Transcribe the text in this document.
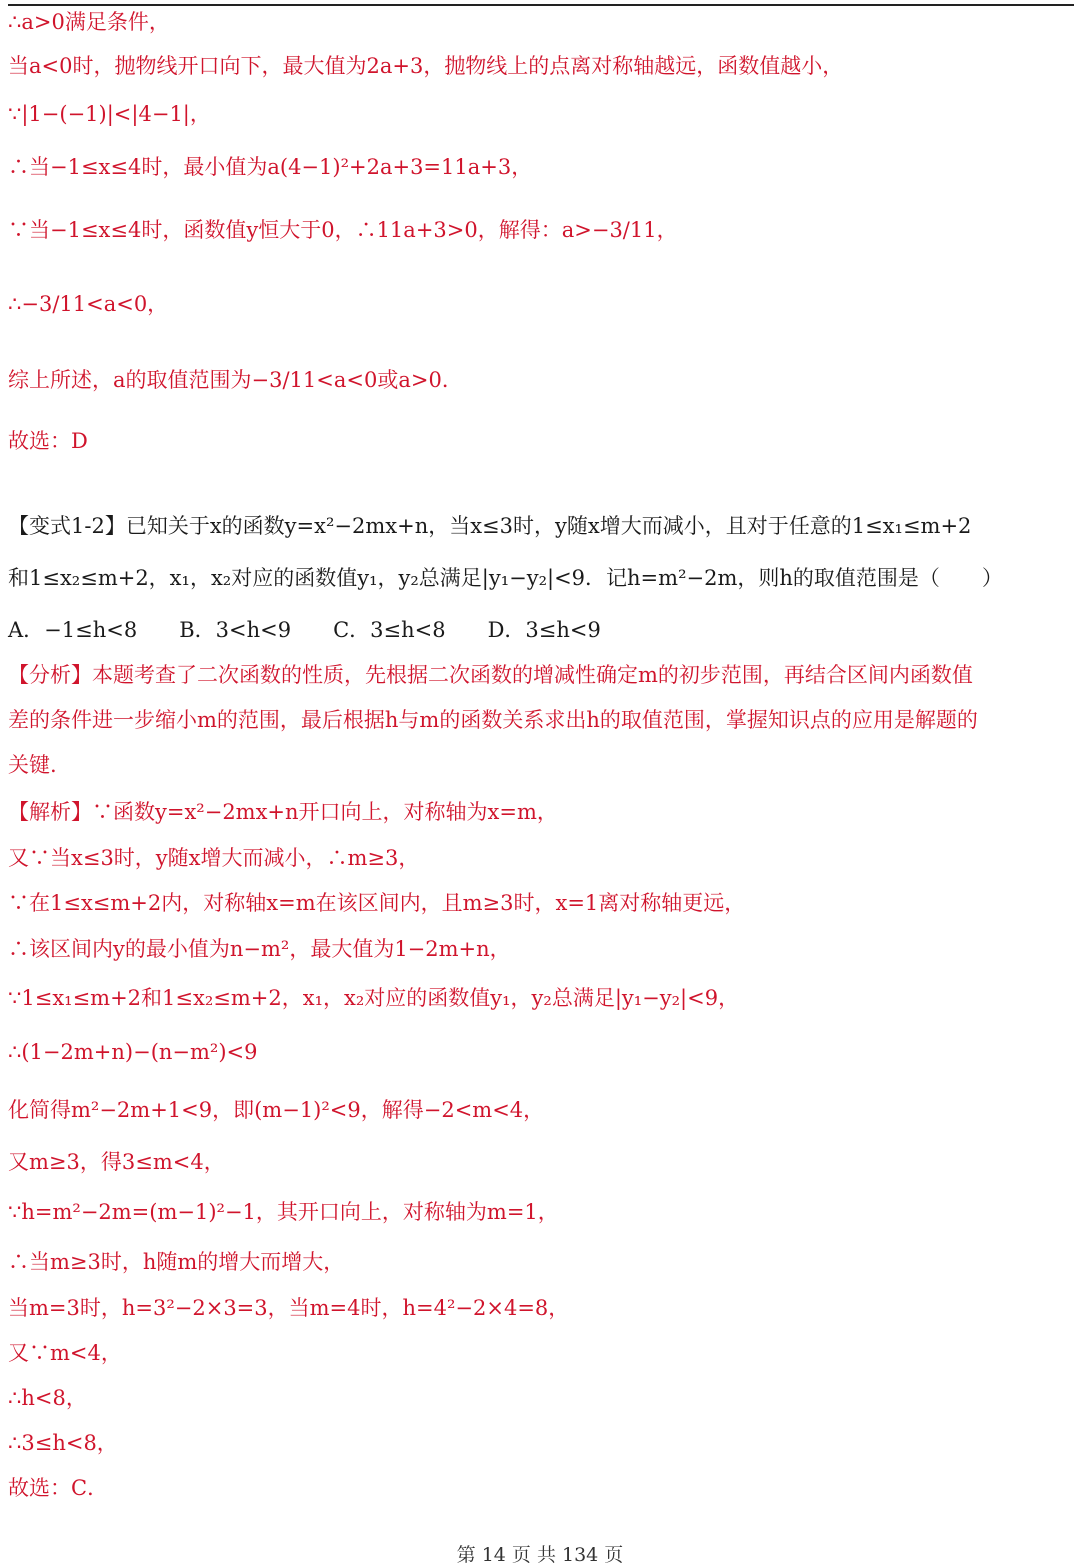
∴a>0满足条件，
当a<0时，抛物线开口向下，最大值为2a+3，抛物线上的点离对称轴越远，函数值越小，
∵|1−(−1)|<|4−1|，
∴当−1≤x≤4时，最小值为a(4−1)²+2a+3=11a+3，
∵当−1≤x≤4时，函数值y恒大于0，∴11a+3>0，解得：a>−3/11，
∴−3/11<a<0，
综上所述，a的取值范围为−3/11<a<0或a>0．
故选：D
【变式1-2】已知关于x的函数y=x²−2mx+n，当x≤3时，y随x增大而减小，且对于任意的1≤x₁≤m+2
和1≤x₂≤m+2，x₁，x₂对应的函数值y₁，y₂总满足|y₁−y₂|<9．记h=m²−2m，则h的取值范围是（　　）
A．−1≤h<8　　B．3<h<9　　C．3≤h<8　　D．3≤h<9
【分析】本题考查了二次函数的性质，先根据二次函数的增减性确定m的初步范围，再结合区间内函数值
差的条件进一步缩小m的范围，最后根据h与m的函数关系求出h的取值范围，掌握知识点的应用是解题的
关键.
【解析】∵函数y=x²−2mx+n开口向上，对称轴为x=m，
又∵当x≤3时，y随x增大而减小，∴m≥3，
∵在1≤x≤m+2内，对称轴x=m在该区间内，且m≥3时，x=1离对称轴更远，
∴该区间内y的最小值为n−m²，最大值为1−2m+n，
∵1≤x₁≤m+2和1≤x₂≤m+2，x₁，x₂对应的函数值y₁，y₂总满足|y₁−y₂|<9，
∴(1−2m+n)−(n−m²)<9
化简得m²−2m+1<9，即(m−1)²<9，解得−2<m<4，
又m≥3，得3≤m<4，
∵h=m²−2m=(m−1)²−1，其开口向上，对称轴为m=1，
∴当m≥3时，h随m的增大而增大，
当m=3时，h=3²−2×3=3，当m=4时，h=4²−2×4=8，
又∵m<4，
∴h<8，
∴3≤h<8，
故选：C．
第 14 页 共 134 页
